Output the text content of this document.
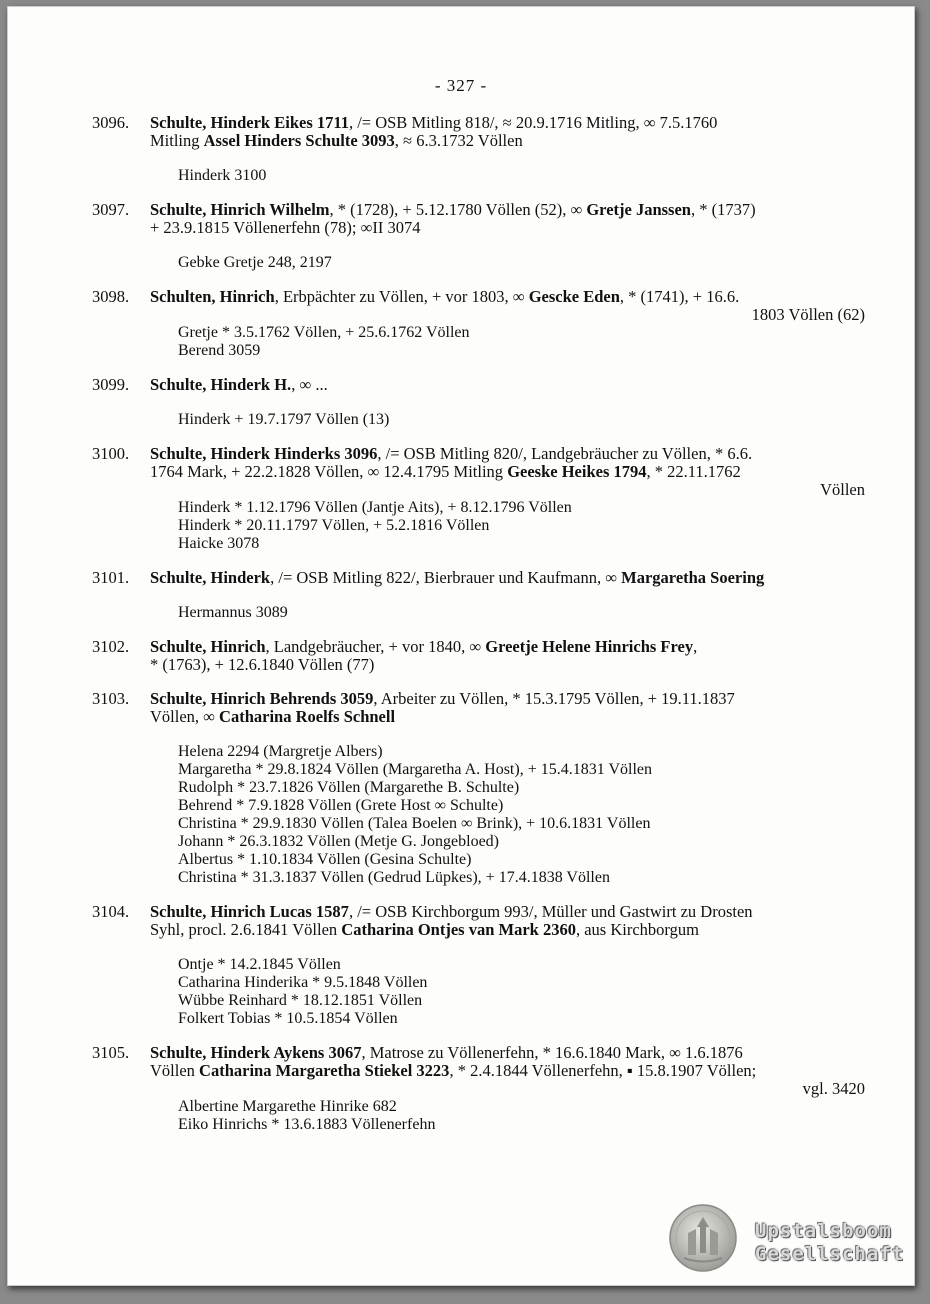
- 327 -
3096.	Schulte, Hinderk Eikes 1711, /= OSB Mitling 818/, ≈ 20.9.1716 Mitling, ∞ 7.5.1760
Mitling Assel Hinders Schulte 3093, ≈ 6.3.1732 Völlen
Hinderk 3100
3097.	Schulte, Hinrich Wilhelm, * (1728), + 5.12.1780 Völlen (52), ∞ Gretje Janssen, * (1737)
+ 23.9.1815 Völlenerfehn (78); ∞II 3074
Gebke Gretje 248, 2197
3098.	Schulten, Hinrich, Erbpächter zu Völlen, + vor 1803, ∞ Gescke Eden, * (1741), + 16.6.
1803 Völlen (62)
Gretje * 3.5.1762 Völlen, + 25.6.1762 Völlen
Berend 3059
3099.	Schulte, Hinderk H., ∞ ...
Hinderk + 19.7.1797 Völlen (13)
3100.	Schulte, Hinderk Hinderks 3096, /= OSB Mitling 820/, Landgebräucher zu Völlen, * 6.6.
1764 Mark, + 22.2.1828 Völlen, ∞ 12.4.1795 Mitling Geeske Heikes 1794, * 22.11.1762
Völlen
Hinderk * 1.12.1796 Völlen (Jantje Aits), + 8.12.1796 Völlen
Hinderk * 20.11.1797 Völlen, + 5.2.1816 Völlen
Haicke 3078
3101.	Schulte, Hinderk, /= OSB Mitling 822/, Bierbrauer und Kaufmann, ∞ Margaretha Soering
Hermannus 3089
3102.	Schulte, Hinrich, Landgebräucher, + vor 1840, ∞ Greetje Helene Hinrichs Frey,
* (1763), + 12.6.1840 Völlen (77)
3103.	Schulte, Hinrich Behrends 3059, Arbeiter zu Völlen, * 15.3.1795 Völlen, + 19.11.1837
Völlen, ∞ Catharina Roelfs Schnell
Helena 2294 (Margretje Albers)
Margaretha * 29.8.1824 Völlen (Margaretha A. Host), + 15.4.1831 Völlen
Rudolph * 23.7.1826 Völlen (Margarethe B. Schulte)
Behrend * 7.9.1828 Völlen (Grete Host ∞ Schulte)
Christina * 29.9.1830 Völlen (Talea Boelen ∞ Brink), + 10.6.1831 Völlen
Johann * 26.3.1832 Völlen (Metje G. Jongebloed)
Albertus * 1.10.1834 Völlen (Gesina Schulte)
Christina * 31.3.1837 Völlen (Gedrud Lüpkes), + 17.4.1838 Völlen
3104.	Schulte, Hinrich Lucas 1587, /= OSB Kirchborgum 993/, Müller und Gastwirt zu Drosten
Syhl, procl. 2.6.1841 Völlen Catharina Ontjes van Mark 2360, aus Kirchborgum
Ontje * 14.2.1845 Völlen
Catharina Hinderika * 9.5.1848 Völlen
Wübbe Reinhard * 18.12.1851 Völlen
Folkert Tobias * 10.5.1854 Völlen
3105.	Schulte, Hinderk Aykens 3067, Matrose zu Völlenerfehn, * 16.6.1840 Mark, ∞ 1.6.1876
Völlen Catharina Margaretha Stiekel 3223, * 2.4.1844 Völlenerfehn, ▪ 15.8.1907 Völlen;
vgl. 3420
Albertine Margarethe Hinrike 682
Eiko Hinrichs * 13.6.1883 Völlenerfehn
Upstalsboom
Gesellschaft
